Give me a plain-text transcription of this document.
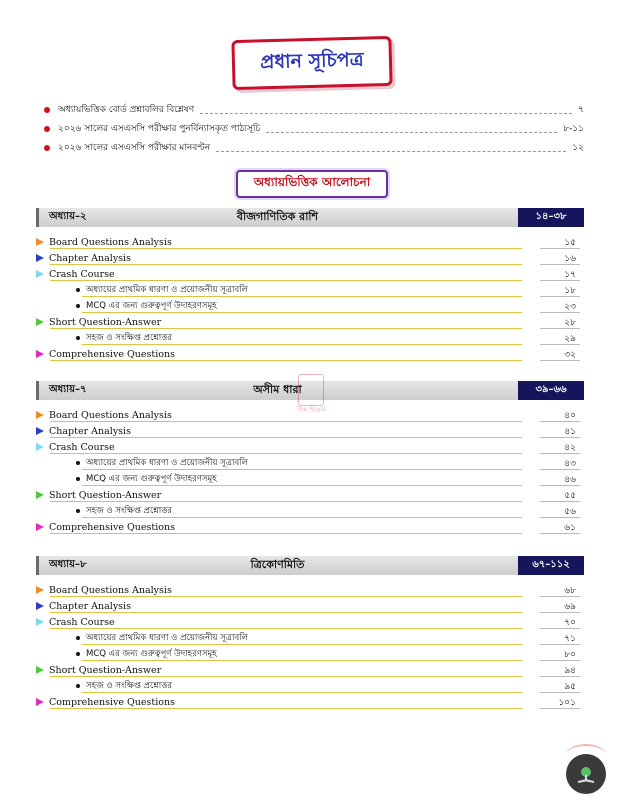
প্রধান সূচিপত্র
অধ্যায়ভিত্তিক বোর্ড প্রশ্নাবলির বিশ্লেষণ	৭
২০২৬ সালের এসএসসি পরীক্ষার পুনর্বিন্যাসকৃত পাঠ্যসূচি	৮-১১
২০২৬ সালের এসএসসি পরীক্ষার মানবণ্টন	১২
অধ্যায়ভিত্তিক আলোচনা
অধ্যায়–২	বীজগাণিতিক রাশি	১৪–৩৮
Board Questions Analysis	১৫
Chapter Analysis	১৬
Crash Course	১৭
অধ্যায়ের প্রাথমিক ধারণা ও প্রয়োজনীয় সূত্রাবলি	১৮
MCQ এর জন্য গুরুত্বপূর্ণ উদাহরণসমূহ	২৩
Short Question-Answer	২৮
সহজ ও সংক্ষিপ্ত প্রশ্নোত্তর	২৯
Comprehensive Questions	৩২
অধ্যায়–৭	অসীম ধারা	৩৯–৬৬
Board Questions Analysis	৪০
Chapter Analysis	৪১
Crash Course	৪২
অধ্যায়ের প্রাথমিক ধারণা ও প্রয়োজনীয় সূত্রাবলি	৪৩
MCQ এর জন্য গুরুত্বপূর্ণ উদাহরণসমূহ	৪৬
Short Question-Answer	৫৫
সহজ ও সংক্ষিপ্ত প্রশ্নোত্তর	৫৬
Comprehensive Questions	৬১
অধ্যায়–৮	ত্রিকোণমিতি	৬৭–১১২
Board Questions Analysis	৬৮
Chapter Analysis	৬৯
Crash Course	৭০
অধ্যায়ের প্রাথমিক ধারণা ও প্রয়োজনীয় সূত্রাবলি	৭১
MCQ এর জন্য গুরুত্বপূর্ণ উদাহরণসমূহ	৮০
Short Question-Answer	৯৪
সহজ ও সংক্ষিপ্ত প্রশ্নোত্তর	৯৫
Comprehensive Questions	১০১
The Royal
